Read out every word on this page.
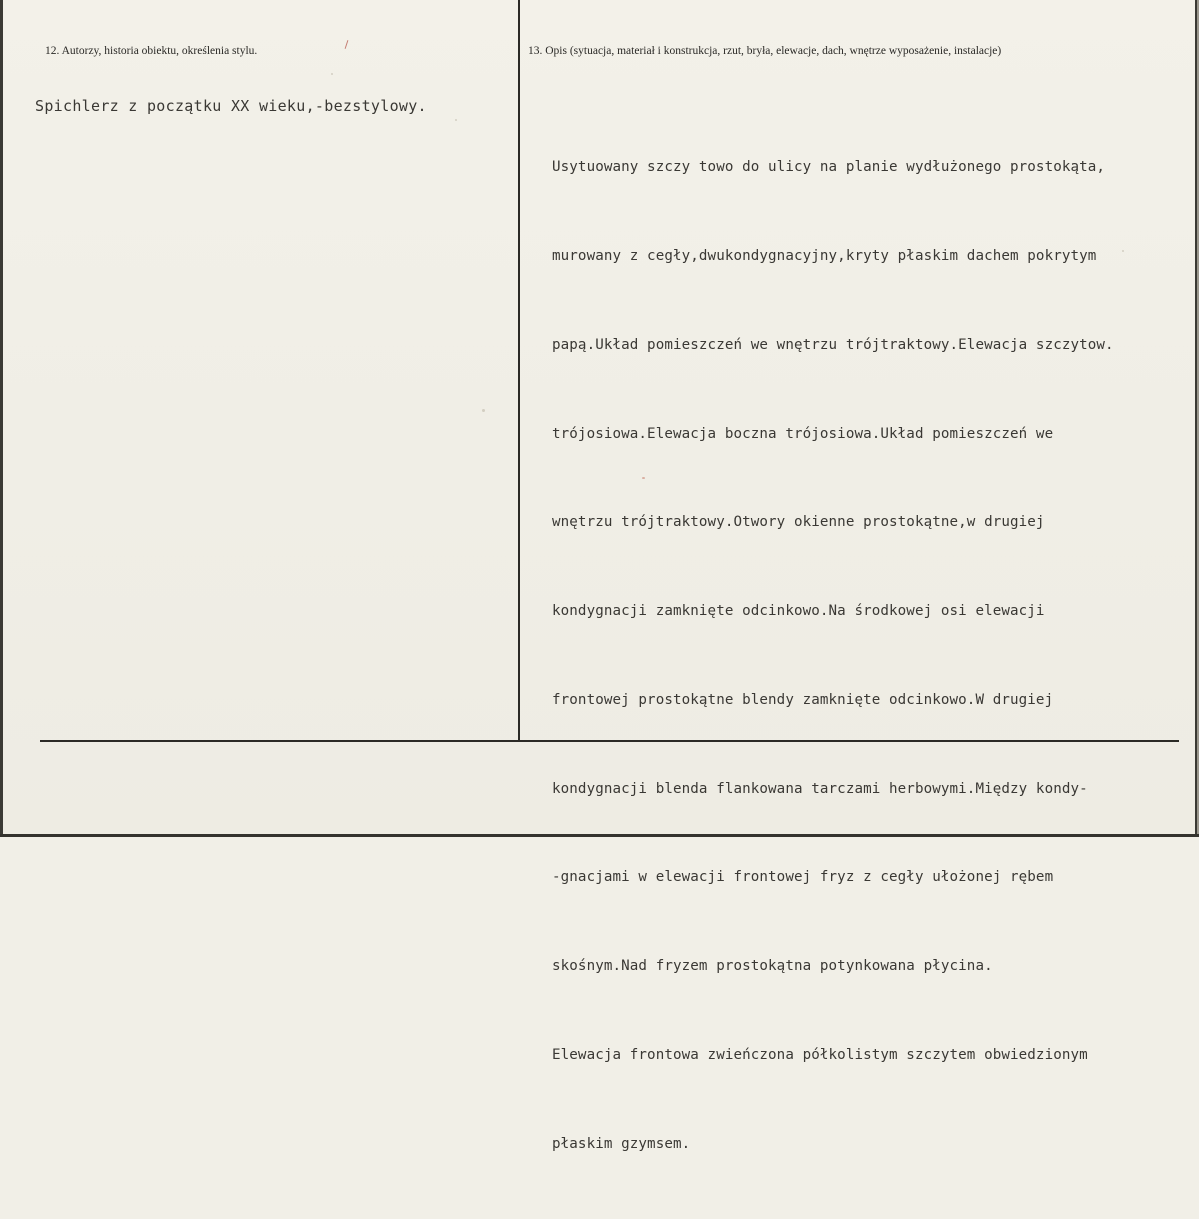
12. Autorzy, historia obiektu, określenia stylu.
Spichlerz z początku XX wieku,-bezstylowy.
13. Opis (sytuacja, materiał i konstrukcja, rzut, bryła, elewacje, dach, wnętrze wyposażenie, instalacje)

Usytuowany szczy towo do ulicy na planie wydłużonego prostokąta,

murowany z cegły,dwukondygnacyjny,kryty płaskim dachem pokrytym

papą.Układ pomieszczeń we wnętrzu trójtraktowy.Elewacja szczytow.

trójosiowa.Elewacja boczna trójosiowa.Układ pomieszczeń we

wnętrzu trójtraktowy.Otwory okienne prostokątne,w drugiej

kondygnacji zamknięte odcinkowo.Na środkowej osi elewacji

frontowej prostokątne blendy zamknięte odcinkowo.W drugiej

kondygnacji blenda flankowana tarczami herbowymi.Między kondy-

-gnacjami w elewacji frontowej fryz z cegły ułożonej rębem

skośnym.Nad fryzem prostokątna potynkowana płycina.

Elewacja frontowa zwieńczona półkolistym szczytem obwiedzionym

płaskim gzymsem.
